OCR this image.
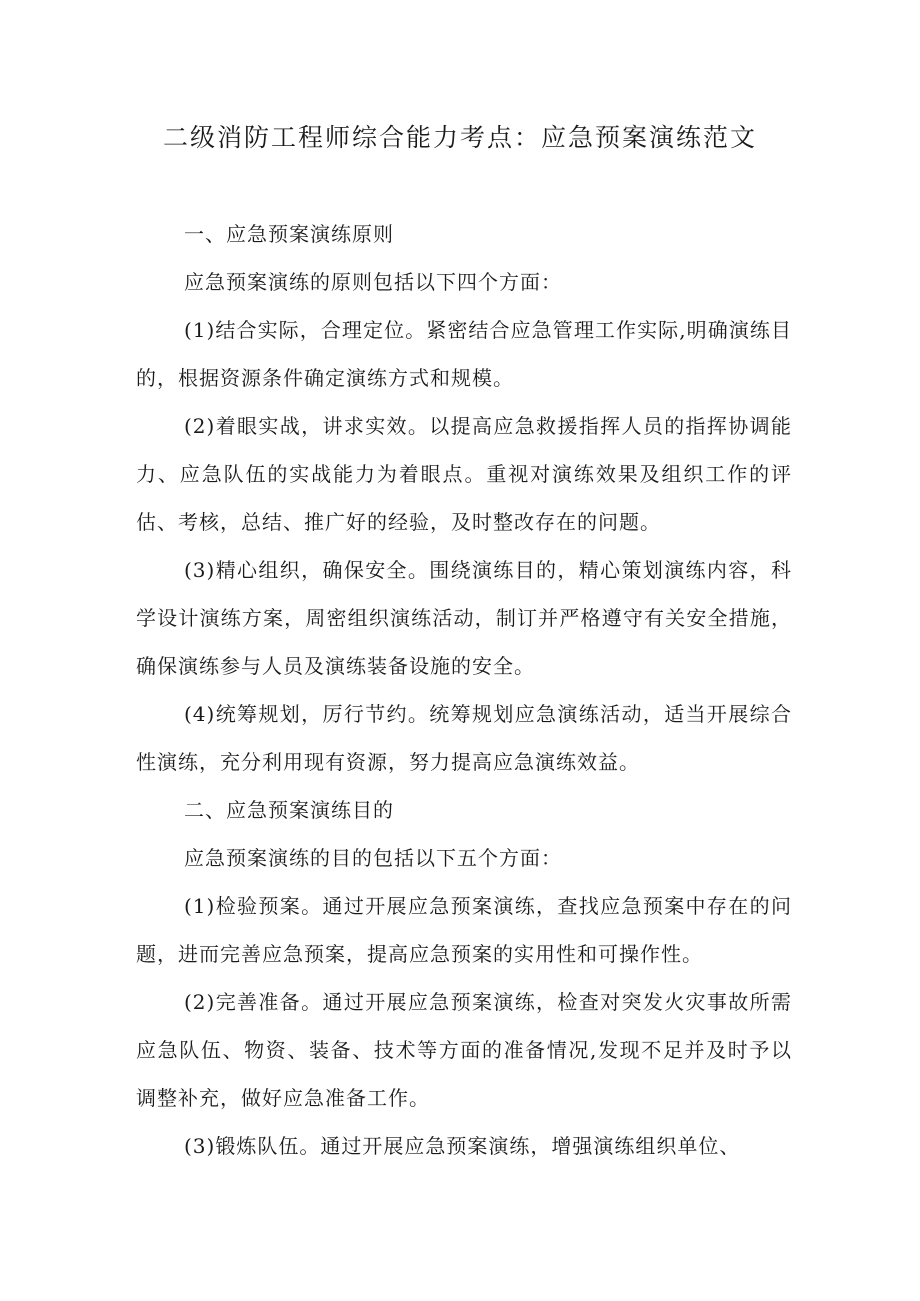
二级消防工程师综合能力考点：应急预案演练范文

一、应急预案演练原则

应急预案演练的原则包括以下四个方面：

(1)结合实际，合理定位。紧密结合应急管理工作实际,明确演练目的，根据资源条件确定演练方式和规模。

(2)着眼实战，讲求实效。以提高应急救援指挥人员的指挥协调能力、应急队伍的实战能力为着眼点。重视对演练效果及组织工作的评估、考核，总结、推广好的经验，及时整改存在的问题。

(3)精心组织，确保安全。围绕演练目的，精心策划演练内容，科学设计演练方案，周密组织演练活动，制订并严格遵守有关安全措施，确保演练参与人员及演练装备设施的安全。

(4)统筹规划，厉行节约。统筹规划应急演练活动，适当开展综合性演练，充分利用现有资源，努力提高应急演练效益。

二、应急预案演练目的

应急预案演练的目的包括以下五个方面：

(1)检验预案。通过开展应急预案演练，查找应急预案中存在的问题，进而完善应急预案，提高应急预案的实用性和可操作性。

(2)完善准备。通过开展应急预案演练，检查对突发火灾事故所需应急队伍、物资、装备、技术等方面的准备情况,发现不足并及时予以调整补充，做好应急准备工作。

(3)锻炼队伍。通过开展应急预案演练，增强演练组织单位、
